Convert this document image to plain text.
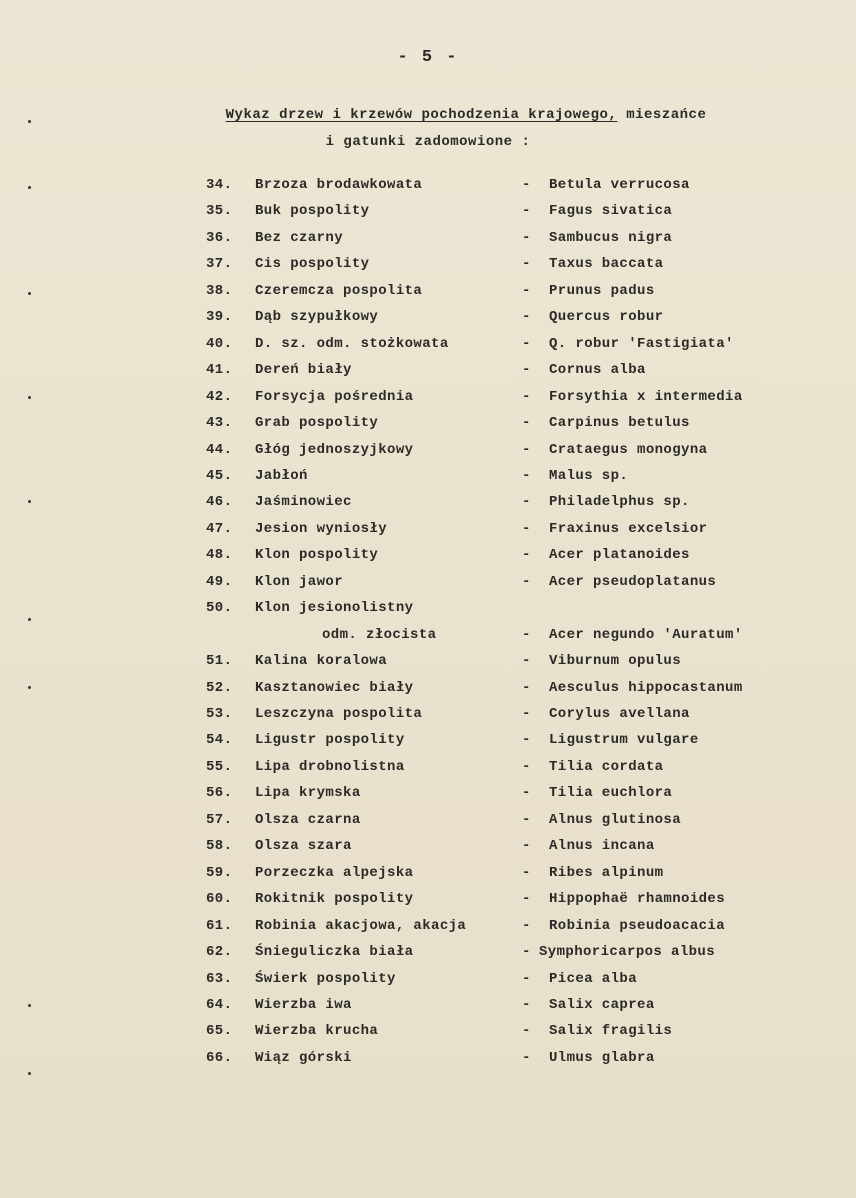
- 5 -
Wykaz drzew i krzewów pochodzenia krajowego, mieszańce
i gatunki zadomowione :
34. Brzoza brodawkowata	- Betula verrucosa
35. Buk pospolity	- Fagus sivatica
36. Bez czarny	- Sambucus nigra
37. Cis pospolity	- Taxus baccata
38. Czeremcza pospolita	- Prunus padus
39. Dąb szypułkowy	- Quercus robur
40. D. sz. odm. stożkowata	- Q. robur 'Fastigiata'
41. Dereń biały	- Cornus alba
42. Forsycja pośrednia	- Forsythia x intermedia
43. Grab pospolity	- Carpinus betulus
44. Głóg jednoszyjkowy	- Crataegus monogyna
45. Jabłoń	- Malus sp.
46. Jaśminowiec	- Philadelphus sp.
47. Jesion wyniosły	- Fraxinus excelsior
48. Klon pospolity	- Acer platanoides
49. Klon jawor	- Acer pseudoplatanus
50. Klon jesionolistny
odm. złocista	- Acer negundo 'Auratum'
51. Kalina koralowa	- Viburnum opulus
52. Kasztanowiec biały	- Aesculus hippocastanum
53. Leszczyna pospolita	- Corylus avellana
54. Ligustr pospolity	- Ligustrum vulgare
55. Lipa drobnolistna	- Tilia cordata
56. Lipa krymska	- Tilia euchlora
57. Olsza czarna	- Alnus glutinosa
58. Olsza szara	- Alnus incana
59. Porzeczka alpejska	- Ribes alpinum
60. Rokitnik pospolity	- Hippophaë rhamnoides
61. Robinia akacjowa, akacja	- Robinia pseudoacacia
62. Śnieguliczka biała	- Symphoricarpos albus
63. Świerk pospolity	- Picea alba
64. Wierzba iwa	- Salix caprea
65. Wierzba krucha	- Salix fragilis
66. Wiąz górski	- Ulmus glabra
